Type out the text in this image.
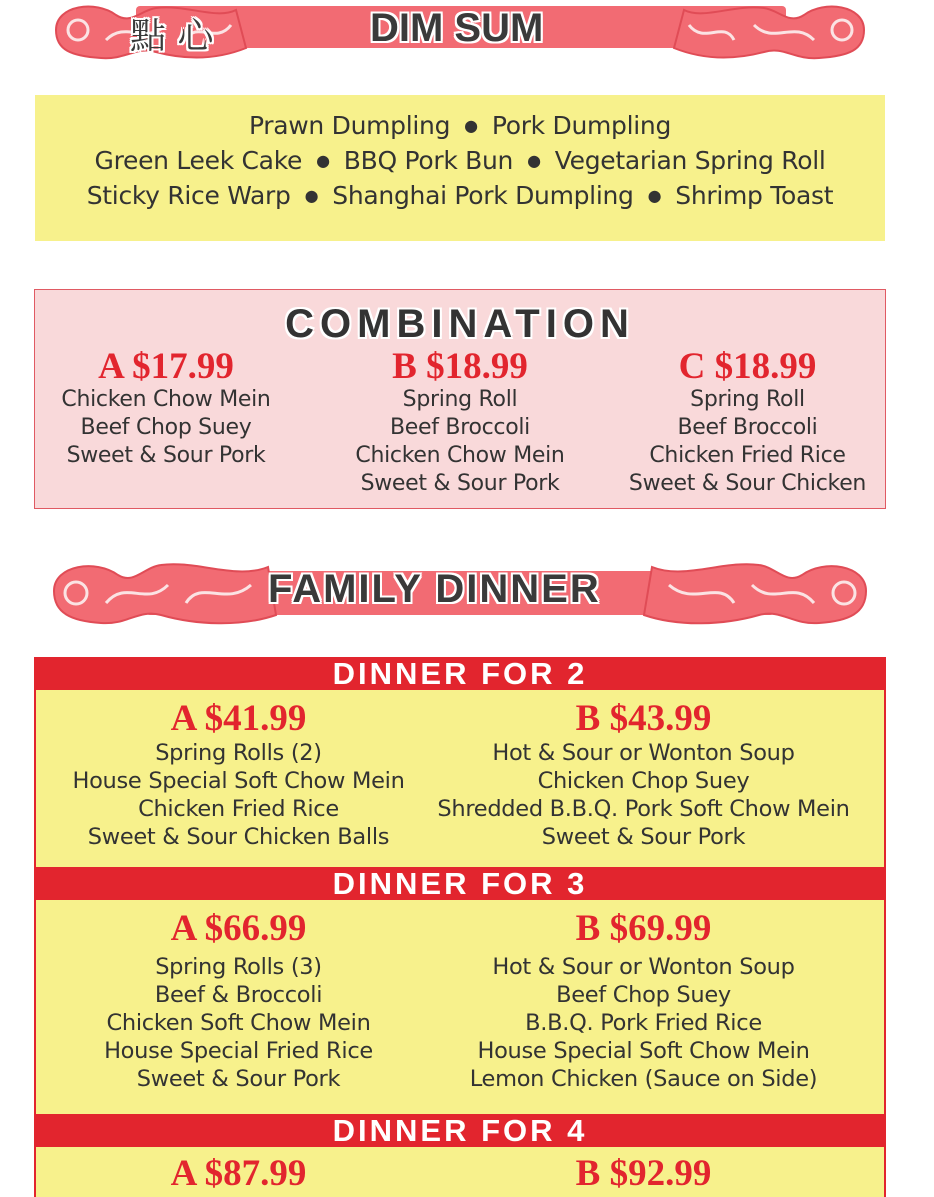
點 心	DIM SUM
Prawn Dumpling ● Pork Dumpling
Green Leek Cake ● BBQ Pork Bun ● Vegetarian Spring Roll
Sticky Rice Warp ● Shanghai Pork Dumpling ● Shrimp Toast
COMBINATION
A $17.99
Chicken Chow Mein
Beef Chop Suey
Sweet & Sour Pork
B $18.99
Spring Roll
Beef Broccoli
Chicken Chow Mein
Sweet & Sour Pork
C $18.99
Spring Roll
Beef Broccoli
Chicken Fried Rice
Sweet & Sour Chicken
FAMILY DINNER
DINNER FOR 2
A $41.99
Spring Rolls (2)
House Special Soft Chow Mein
Chicken Fried Rice
Sweet & Sour Chicken Balls
B $43.99
Hot & Sour or Wonton Soup
Chicken Chop Suey
Shredded B.B.Q. Pork Soft Chow Mein
Sweet & Sour Pork
DINNER FOR 3
A $66.99
Spring Rolls (3)
Beef & Broccoli
Chicken Soft Chow Mein
House Special Fried Rice
Sweet & Sour Pork
B $69.99
Hot & Sour or Wonton Soup
Beef Chop Suey
B.B.Q. Pork Fried Rice
House Special Soft Chow Mein
Lemon Chicken (Sauce on Side)
DINNER FOR 4
A $87.99	B $92.99
